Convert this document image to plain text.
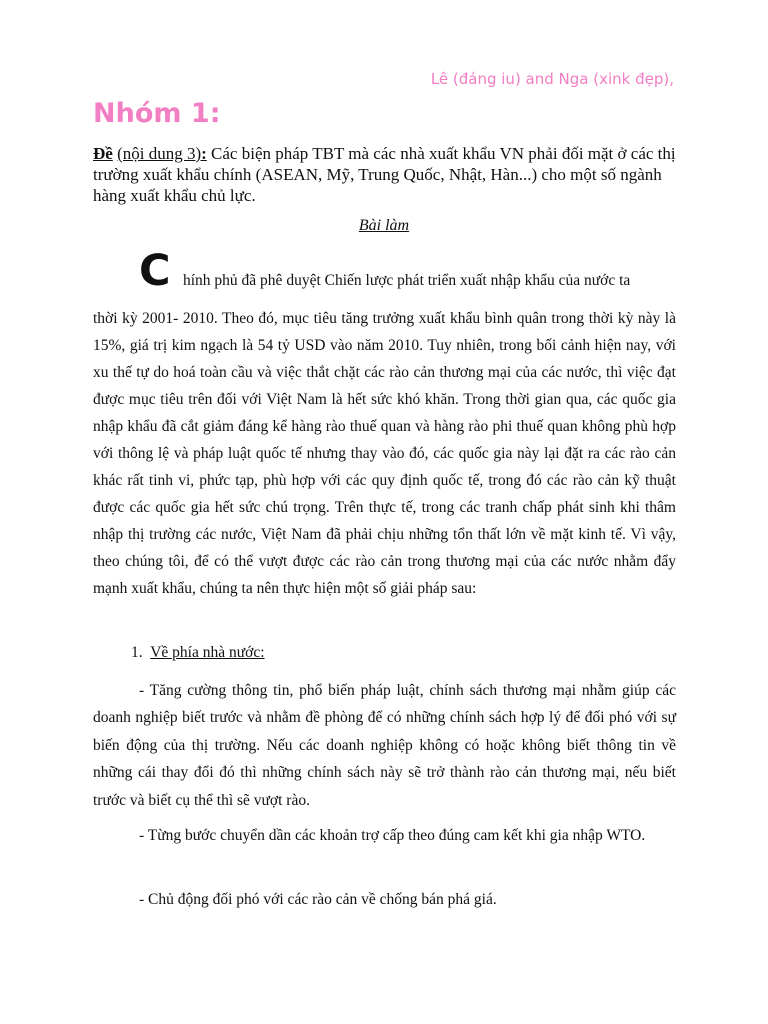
Lê (đáng iu) and Nga (xink đẹp),
Nhóm 1:
Đề (nội dung 3): Các biện pháp TBT mà các nhà xuất khẩu VN phải đối mặt ở các thị trường xuất khẩu chính (ASEAN, Mỹ, Trung Quốc, Nhật, Hàn...) cho một số ngành hàng xuất khẩu chủ lực.
Bài làm
C hính phủ đã phê duyệt Chiến lược phát triển xuất nhập khẩu của nước ta
thời kỳ 2001- 2010. Theo đó, mục tiêu tăng trưởng xuất khẩu bình quân trong thời kỳ này là 15%, giá trị kim ngạch là 54 tỷ USD vào năm 2010. Tuy nhiên, trong bối cảnh hiện nay, với xu thế tự do hoá toàn cầu và việc thắt chặt các rào cản thương mại của các nước, thì việc đạt được mục tiêu trên đối với Việt Nam là hết sức khó khăn. Trong thời gian qua, các quốc gia nhập khẩu đã cắt giảm đáng kể hàng rào thuế quan và hàng rào phi thuế quan không phù hợp với thông lệ và pháp luật quốc tế nhưng thay vào đó, các quốc gia này lại đặt ra các rào cản khác rất tinh vi, phức tạp, phù hợp với các quy định quốc tế, trong đó các rào cản kỹ thuật được các quốc gia hết sức chú trọng. Trên thực tế, trong các tranh chấp phát sinh khi thâm nhập thị trường các nước, Việt Nam đã phải chịu những tổn thất lớn về mặt kinh tế. Vì vậy, theo chúng tôi, để có thể vượt được các rào cản trong thương mại của các nước nhằm đẩy mạnh xuất khẩu, chúng ta nên thực hiện một số giải pháp sau:
1. Về phía nhà nước:
- Tăng cường thông tin, phổ biến pháp luật, chính sách thương mại nhằm giúp các doanh nghiệp biết trước và nhằm đề phòng để có những chính sách hợp lý để đối phó với sự biến động của thị trường. Nếu các doanh nghiệp không có hoặc không biết thông tin về những cái thay đổi đó thì những chính sách này sẽ trở thành rào cản thương mại, nếu biết trước và biết cụ thể thì sẽ vượt rào.
- Từng bước chuyển dần các khoản trợ cấp theo đúng cam kết khi gia nhập WTO.
- Chủ động đối phó với các rào cản về chống bán phá giá.
